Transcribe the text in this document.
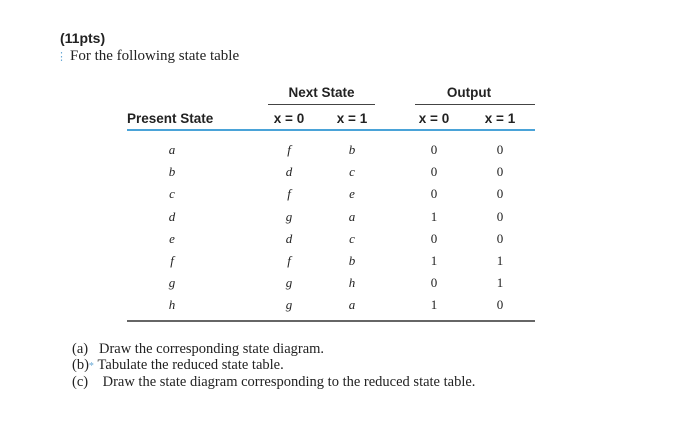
(11pts)
⋮ For the following state table
Next State	Output
Present State	x = 0	x = 1	x = 0	x = 1
a	f	b	0	0
b	d	c	0	0
c	f	e	0	0
d	g	a	1	0
e	d	c	0	0
f	f	b	1	1
g	g	h	0	1
h	g	a	1	0
(a) Draw the corresponding state diagram.
(b)* Tabulate the reduced state table.
(c) Draw the state diagram corresponding to the reduced state table.
